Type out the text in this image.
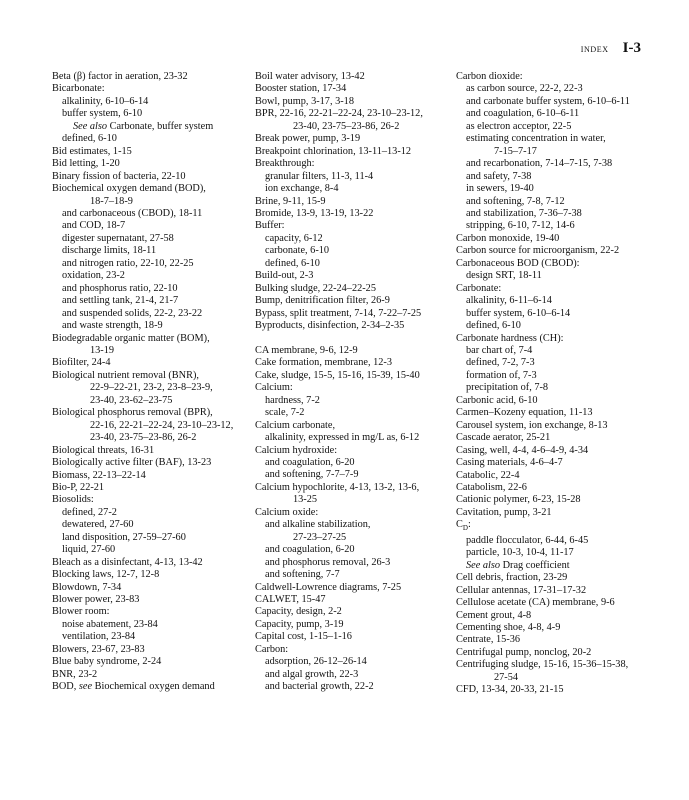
INDEX I-3
Beta (β) factor in aeration, 23-32
Bicarbonate:
alkalinity, 6-10–6-14
buffer system, 6-10
See also Carbonate, buffer system
defined, 6-10
Bid estimates, 1-15
Bid letting, 1-20
Binary fission of bacteria, 22-10
Biochemical oxygen demand (BOD),
18-7–18-9
and carbonaceous (CBOD), 18-11
and COD, 18-7
digester supernatant, 27-58
discharge limits, 18-11
and nitrogen ratio, 22-10, 22-25
oxidation, 23-2
and phosphorus ratio, 22-10
and settling tank, 21-4, 21-7
and suspended solids, 22-2, 23-22
and waste strength, 18-9
Biodegradable organic matter (BOM),
13-19
Biofilter, 24-4
Biological nutrient removal (BNR),
22-9–22-21, 23-2, 23-8–23-9,
23-40, 23-62–23-75
Biological phosphorus removal (BPR),
22-16, 22-21–22-24, 23-10–23-12,
23-40, 23-75–23-86, 26-2
Biological threats, 16-31
Biologically active filter (BAF), 13-23
Biomass, 22-13–22-14
Bio-P, 22-21
Biosolids:
defined, 27-2
dewatered, 27-60
land disposition, 27-59–27-60
liquid, 27-60
Bleach as a disinfectant, 4-13, 13-42
Blocking laws, 12-7, 12-8
Blowdown, 7-34
Blower power, 23-83
Blower room:
noise abatement, 23-84
ventilation, 23-84
Blowers, 23-67, 23-83
Blue baby syndrome, 2-24
BNR, 23-2
BOD, see Biochemical oxygen demand
Boil water advisory, 13-42
Booster station, 17-34
Bowl, pump, 3-17, 3-18
BPR, 22-16, 22-21–22-24, 23-10–23-12,
23-40, 23-75–23-86, 26-2
Break power, pump, 3-19
Breakpoint chlorination, 13-11–13-12
Breakthrough:
granular filters, 11-3, 11-4
ion exchange, 8-4
Brine, 9-11, 15-9
Bromide, 13-9, 13-19, 13-22
Buffer:
capacity, 6-12
carbonate, 6-10
defined, 6-10
Build-out, 2-3
Bulking sludge, 22-24–22-25
Bump, denitrification filter, 26-9
Bypass, split treatment, 7-14, 7-22–7-25
Byproducts, disinfection, 2-34–2-35
CA membrane, 9-6, 12-9
Cake formation, membrane, 12-3
Cake, sludge, 15-5, 15-16, 15-39, 15-40
Calcium:
hardness, 7-2
scale, 7-2
Calcium carbonate,
alkalinity, expressed in mg/L as, 6-12
Calcium hydroxide:
and coagulation, 6-20
and softening, 7-7–7-9
Calcium hypochlorite, 4-13, 13-2, 13-6,
13-25
Calcium oxide:
and alkaline stabilization,
27-23–27-25
and coagulation, 6-20
and phosphorus removal, 26-3
and softening, 7-7
Caldwell-Lowrence diagrams, 7-25
CALWET, 15-47
Capacity, design, 2-2
Capacity, pump, 3-19
Capital cost, 1-15–1-16
Carbon:
adsorption, 26-12–26-14
and algal growth, 22-3
and bacterial growth, 22-2
Carbon dioxide:
as carbon source, 22-2, 22-3
and carbonate buffer system, 6-10–6-11
and coagulation, 6-10–6-11
as electron acceptor, 22-5
estimating concentration in water,
7-15–7-17
and recarbonation, 7-14–7-15, 7-38
and safety, 7-38
in sewers, 19-40
and softening, 7-8, 7-12
and stabilization, 7-36–7-38
stripping, 6-10, 7-12, 14-6
Carbon monoxide, 19-40
Carbon source for microorganism, 22-2
Carbonaceous BOD (CBOD):
design SRT, 18-11
Carbonate:
alkalinity, 6-11–6-14
buffer system, 6-10–6-14
defined, 6-10
Carbonate hardness (CH):
bar chart of, 7-4
defined, 7-2, 7-3
formation of, 7-3
precipitation of, 7-8
Carbonic acid, 6-10
Carmen–Kozeny equation, 11-13
Carousel system, ion exchange, 8-13
Cascade aerator, 25-21
Casing, well, 4-4, 4-6–4-9, 4-34
Casing materials, 4-6–4-7
Catabolic, 22-4
Catabolism, 22-6
Cationic polymer, 6-23, 15-28
Cavitation, pump, 3-21
$C_D$:
paddle flocculator, 6-44, 6-45
particle, 10-3, 10-4, 11-17
See also Drag coefficient
Cell debris, fraction, 23-29
Cellular antennas, 17-31–17-32
Cellulose acetate (CA) membrane, 9-6
Cement grout, 4-8
Cementing shoe, 4-8, 4-9
Centrate, 15-36
Centrifugal pump, nonclog, 20-2
Centrifuging sludge, 15-16, 15-36–15-38,
27-54
CFD, 13-34, 20-33, 21-15
